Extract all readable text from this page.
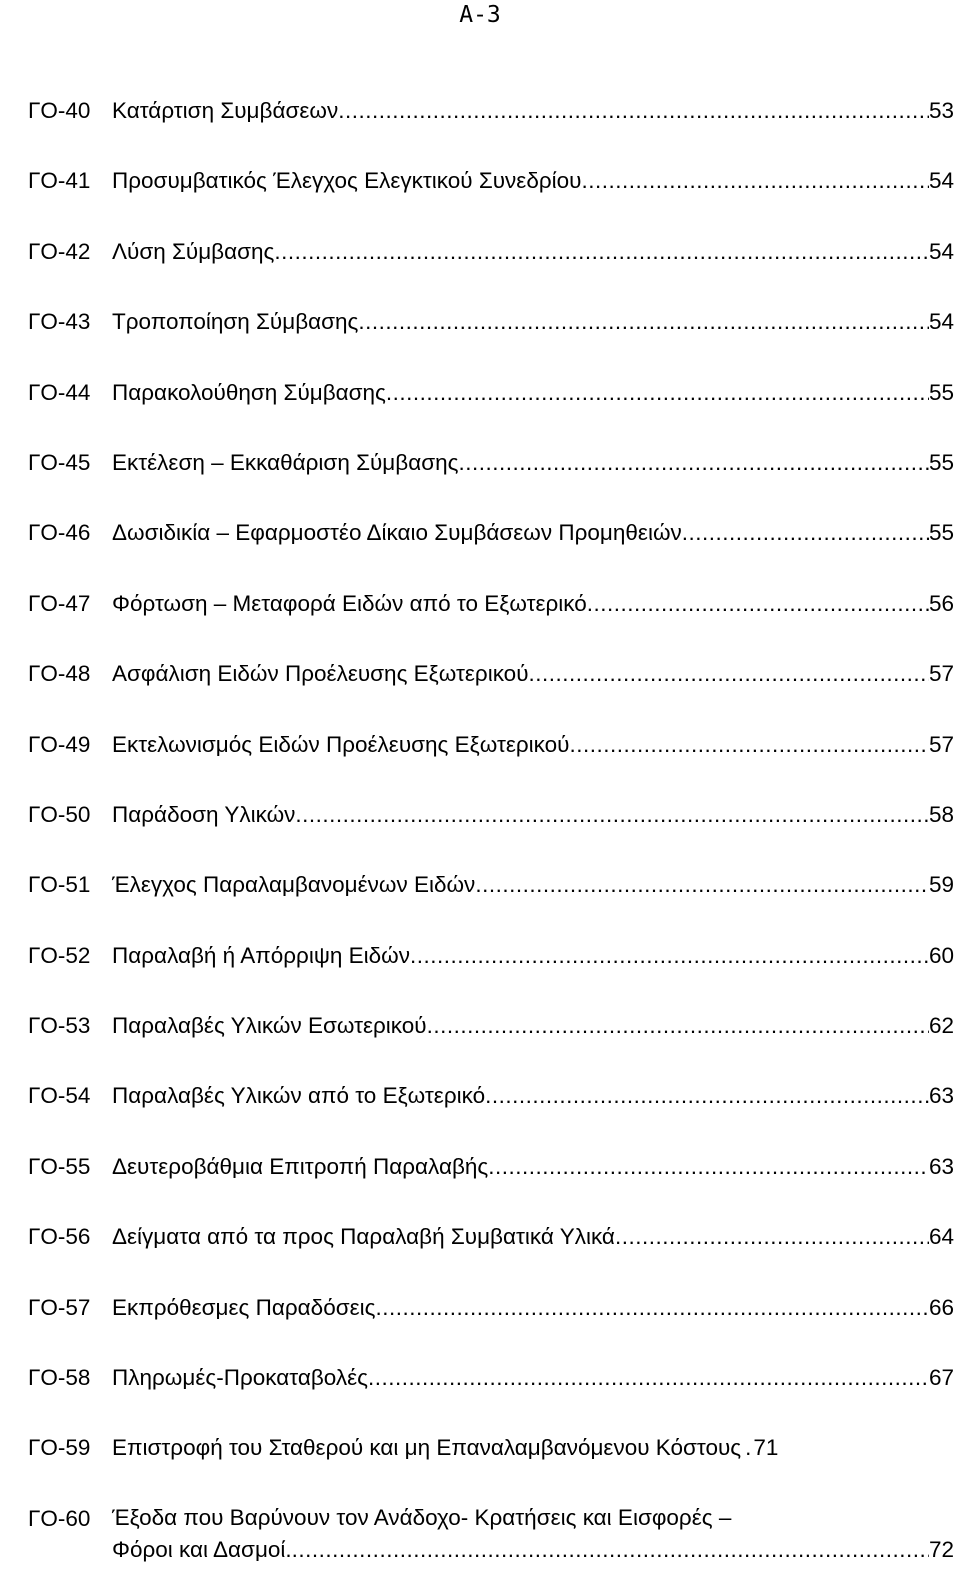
A-3
ΓΟ-40 Κατάρτιση Συμβάσεων .....	53
ΓΟ-41 Προσυμβατικός Έλεγχος Ελεγκτικού Συνεδρίου .....	54
ΓΟ-42 Λύση Σύμβασης .....	54
ΓΟ-43 Τροποποίηση Σύμβασης .....	54
ΓΟ-44 Παρακολούθηση Σύμβασης .....	55
ΓΟ-45 Εκτέλεση – Εκκαθάριση Σύμβασης .....	55
ΓΟ-46 Δωσιδικία – Εφαρμοστέο Δίκαιο Συμβάσεων Προμηθειών .....	55
ΓΟ-47 Φόρτωση – Μεταφορά Ειδών από το Εξωτερικό .....	56
ΓΟ-48 Ασφάλιση Ειδών Προέλευσης Εξωτερικού .....	57
ΓΟ-49 Εκτελωνισμός Ειδών Προέλευσης Εξωτερικού .....	57
ΓΟ-50 Παράδοση Υλικών .....	58
ΓΟ-51 Έλεγχος Παραλαμβανομένων Ειδών .....	59
ΓΟ-52 Παραλαβή ή Απόρριψη Ειδών .....	60
ΓΟ-53 Παραλαβές Υλικών Εσωτερικού .....	62
ΓΟ-54 Παραλαβές Υλικών από το Εξωτερικό .....	63
ΓΟ-55 Δευτεροβάθμια Επιτροπή Παραλαβής .....	63
ΓΟ-56 Δείγματα από τα προς Παραλαβή Συμβατικά Υλικά .....	64
ΓΟ-57 Εκπρόθεσμες Παραδόσεις .....	66
ΓΟ-58 Πληρωμές-Προκαταβολές .....	67
ΓΟ-59 Επιστροφή του Σταθερού και μη Επαναλαμβανόμενου Κόστους . 71
ΓΟ-60 Έξοδα που Βαρύνουν τον Ανάδοχο- Κρατήσεις και Εισφορές –
Φόροι και Δασμοί. .....	72
